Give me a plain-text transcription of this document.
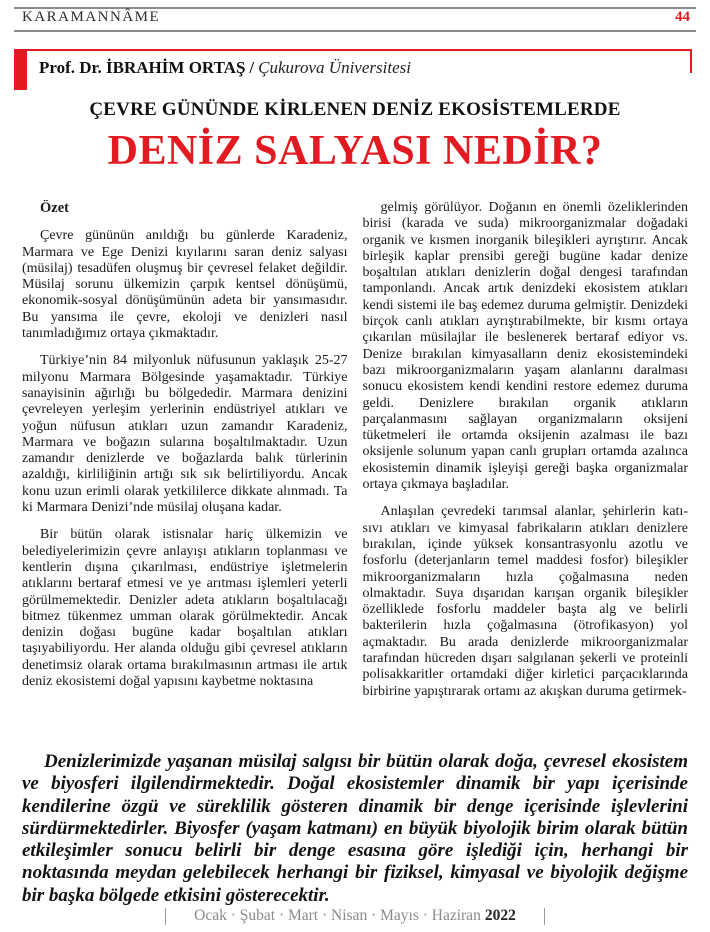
KARAMANNÂME	44
Prof. Dr. İBRAHİM ORTAŞ / Çukurova Üniversitesi
ÇEVRE GÜNÜNDE KİRLENEN DENİZ EKOSİSTEMLERDE
DENİZ SALYASI NEDİR?
Özet

Çevre gününün anıldığı bu günlerde Karadeniz, Marmara ve Ege Denizi kıyılarını saran deniz salyası (müsilaj) tesadüfen oluşmuş bir çevresel felaket değildir. Müsilaj sorunu ülkemizin çarpık kentsel dönüşümü, ekonomik-sosyal dönüşümünün adeta bir yansımasıdır. Bu yansıma ile çevre, ekoloji ve denizleri nasıl tanımladığımız ortaya çıkmaktadır.

Türkiye’nin 84 milyonluk nüfusunun yaklaşık 25-27 milyonu Marmara Bölgesinde yaşamaktadır. Türkiye sanayisinin ağırlığı bu bölgededir. Marmara denizini çevreleyen yerleşim yerlerinin endüstriyel atıkları ve yoğun nüfusun atıkları uzun zamandır Karadeniz, Marmara ve boğazın sularına boşaltılmaktadır. Uzun zamandır denizlerde ve boğazlarda balık türlerinin azaldığı, kirliliğinin artığı sık sık belirtiliyordu. Ancak konu uzun erimli olarak yetkililerce dikkate alınmadı. Ta ki Marmara Denizi’nde müsilaj oluşana kadar.

Bir bütün olarak istisnalar hariç ülkemizin ve belediyelerimizin çevre anlayışı atıkların toplanması ve kentlerin dışına çıkarılması, endüstriye işletmelerin atıklarını bertaraf etmesi ve ye arıtması işlemleri yeterli görülmemektedir. Denizler adeta atıkların boşaltılacağı bitmez tükenmez umman olarak görülmektedir. Ancak denizin doğası bugüne kadar boşaltılan atıkları taşıyabiliyordu. Her alanda olduğu gibi çevresel atıkların denetimsiz olarak ortama bırakılmasının artması ile artık deniz ekosistemi doğal yapısını kaybetme noktasına

gelmiş görülüyor. Doğanın en önemli özeliklerinden birisi (karada ve suda) mikroorganizmalar doğadaki organik ve kısmen inorganik bileşikleri ayrıştırır. Ancak birleşik kaplar prensibi gereği bugüne kadar denize boşaltılan atıkları denizlerin doğal dengesi tarafından tamponlandı. Ancak artık denizdeki ekosistem atıkları kendi sistemi ile baş edemez duruma gelmiştir. Denizdeki birçok canlı atıkları ayrıştırabilmekte, bir kısmı ortaya çıkarılan müsilajlar ile beslenerek bertaraf ediyor vs. Denize bırakılan kimyasalların deniz ekosistemindeki bazı mikroorganizmaların yaşam alanlarını daralması sonucu ekosistem kendi kendini restore edemez duruma geldi. Denizlere bırakılan organik atıkların parçalanmasını sağlayan organizmaların oksijeni tüketmeleri ile ortamda oksijenin azalması ile bazı oksijenle solunum yapan canlı grupları ortamda azalınca ekosistemin dinamik işleyişi gereği başka organizmalar ortaya çıkmaya başladılar.

Anlaşılan çevredeki tarımsal alanlar, şehirlerin katı-sıvı atıkları ve kimyasal fabrikaların atıkları denizlere bırakılan, içinde yüksek konsantrasyonlu azotlu ve fosforlu (deterjanların temel maddesi fosfor) bileşikler mikroorganizmaların hızla çoğalmasına neden olmaktadır. Suya dışarıdan karışan organik bileşikler özelliklede fosforlu maddeler başta alg ve belirli bakterilerin hızla çoğalmasına (ötrofikasyon) yol açmaktadır. Bu arada denizlerde mikroorganizmalar tarafından hücreden dışarı salgılanan şekerli ve proteinli polisakkaritler ortamdaki diğer kirletici parçacıklarında birbirine yapıştırarak ortamı az akışkan duruma getirmek-

Denizlerimizde yaşanan müsilaj salgısı bir bütün olarak doğa, çevresel ekosistem ve biyosferi ilgilendirmektedir. Doğal ekosistemler dinamik bir yapı içerisinde kendilerine özgü ve süreklilik gösteren dinamik bir denge içerisinde işlevlerini sürdürmektedirler. Biyosfer (yaşam katmanı) en büyük biyolojik birim olarak bütün etkileşimler sonucu belirli bir denge esasına göre işlediği için, herhangi bir noktasında meydan gelebilecek herhangi bir fiziksel, kimyasal ve biyolojik değişme bir başka bölgede etkisini gösterecektir.
Ocak · Şubat · Mart · Nisan · Mayıs · Haziran 2022
